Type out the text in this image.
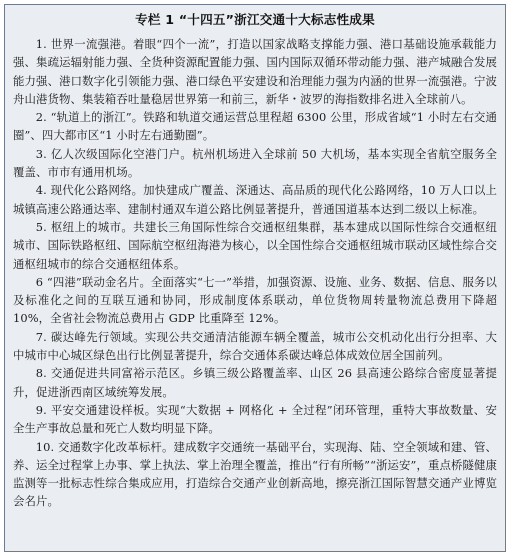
专栏 1 “十四五”浙江交通十大标志性成果

1. 世界一流强港。着眼“四个一流”，打造以国家战略支撑能力强、港口基础设施承载能力强、集疏运辐射能力强、全货种资源配置能力强、国内国际双循环带动能力强、港产城融合发展能力强、港口数字化引领能力强、港口绿色平安建设和治理能力强为内涵的世界一流强港。宁波舟山港货物、集装箱吞吐量稳居世界第一和前三，新华・波罗的海指数排名进入全球前八。

2. “轨道上的浙江”。铁路和轨道交通运营总里程超 6300 公里，形成省域“1 小时左右交通圈”、四大都市区“1 小时左右通勤圈”。

3. 亿人次级国际化空港门户。杭州机场进入全球前 50 大机场，基本实现全省航空服务全覆盖、市市有通用机场。

4. 现代化公路网络。加快建成广覆盖、深通达、高品质的现代化公路网络，10 万人口以上城镇高速公路通达率、建制村通双车道公路比例显著提升，普通国道基本达到二级以上标准。

5. 枢纽上的城市。共建长三角国际性综合交通枢纽集群，基本建成以国际性综合交通枢纽城市、国际铁路枢纽、国际航空枢纽海港为核心，以全国性综合交通枢纽城市联动区域性综合交通枢纽城市的综合交通枢纽体系。

6 “四港”联动金名片。全面落实“七一”举措，加强资源、设施、业务、数据、信息、服务以及标准化之间的互联互通和协同，形成制度体系联动，单位货物周转量物流总费用下降超 10%，全省社会物流总费用占 GDP 比重降至 12%。

7. 碳达峰先行领域。实现公共交通清洁能源车辆全覆盖，城市公交机动化出行分担率、大中城市中心城区绿色出行比例显著提升，综合交通体系碳达峰总体成效位居全国前列。

8. 交通促进共同富裕示范区。乡镇三级公路覆盖率、山区 26 县高速公路综合密度显著提升，促进浙西南区域统筹发展。

9. 平安交通建设样板。实现“大数据 + 网格化 + 全过程”闭环管理，重特大事故数量、安全生产事故总量和死亡人数均明显下降。

10. 交通数字化改革标杆。建成数字交通统一基础平台，实现海、陆、空全领域和建、管、养、运全过程掌上办事、掌上执法、掌上治理全覆盖，推出“行有所畅”“浙运安”，重点桥隧健康监测等一批标志性综合集成应用，打造综合交通产业创新高地，擦亮浙江国际智慧交通产业博览会名片。
